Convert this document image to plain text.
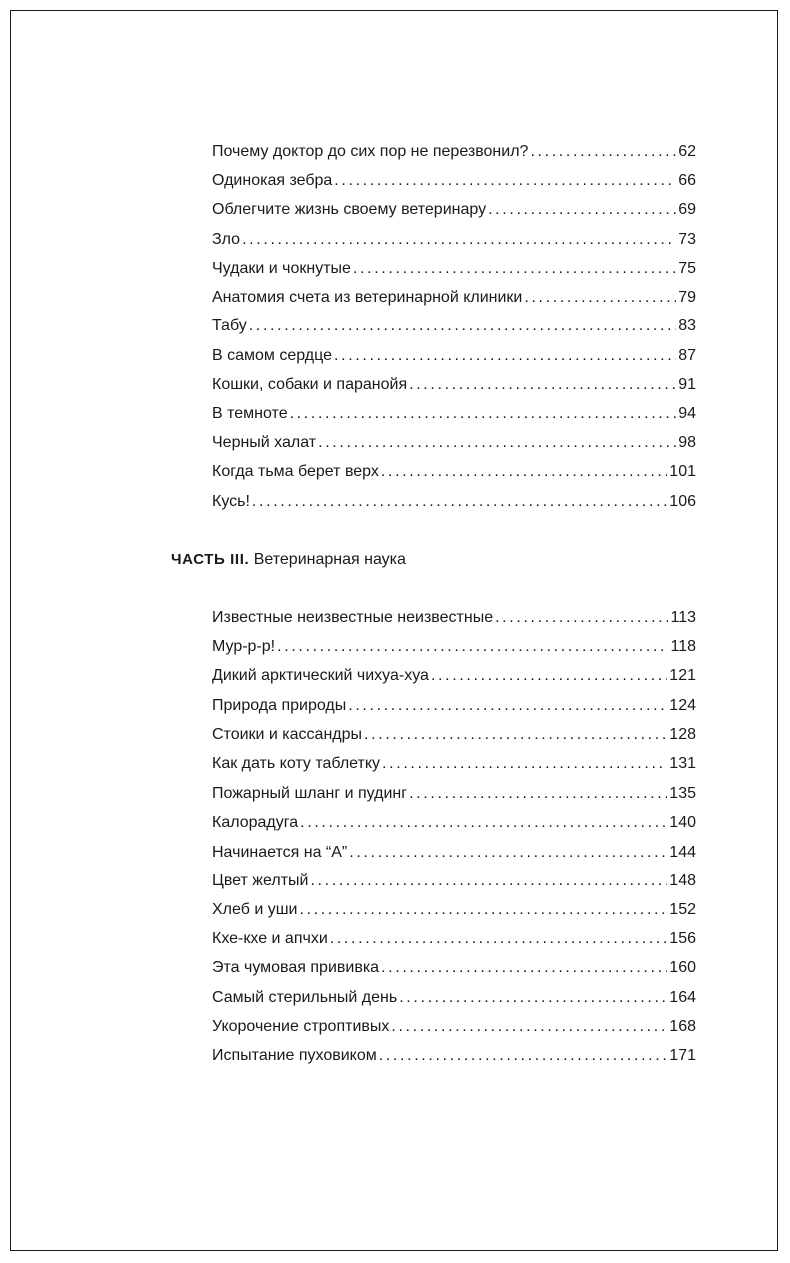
Почему доктор до сих пор не перезвонил? . . .	62
Одинокая зебра . . .	66
Облегчите жизнь своему ветеринару . . .	69
Зло . . .	73
Чудаки и чокнутые . . .	75
Анатомия счета из ветеринарной клиники . . .	79
Табу . . .	83
В самом сердце . . .	87
Кошки, собаки и паранойя . . .	91
В темноте . . .	94
Черный халат . . .	98
Когда тьма берет верх . . .	101
Кусь! . . .	106
ЧАСТЬ III. Ветеринарная наука
Известные неизвестные неизвестные . . .	113
Мур-р-р! . . .	118
Дикий арктический чихуа-хуа . . .	121
Природа природы . . .	124
Стоики и кассандры . . .	128
Как дать коту таблетку . . .	131
Пожарный шланг и пудинг . . .	135
Калорадуга . . .	140
Начинается на “А” . . .	144
Цвет желтый . . .	148
Хлеб и уши . . .	152
Кхе-кхе и апчхи . . .	156
Эта чумовая прививка . . .	160
Самый стерильный день . . .	164
Укорочение строптивых . . .	168
Испытание пуховиком . . .	171
